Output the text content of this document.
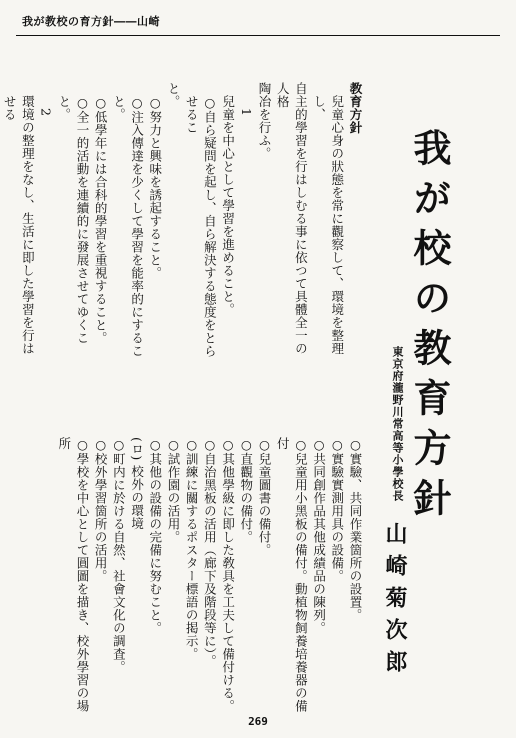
我が教校の育方針――山崎
我が校の教育方針
東京府瀧野川常高等小學校長
山崎菊次郎
教育方針
兒童心身の狀態を常に觀察して、環境を整理し、
自主的學習を行はしむる事に依つて具體全一の人格
陶冶を行ふ。
1
兒童を中心として學習を進めること。
○自ら疑問を起し、自ら解決する態度をとらせるこ
と。
○努力と興味を誘起すること。
○注入傳達を少くして學習を能率的にすること。
○低學年には合科的學習を重視すること。
○全一的活動を連續的に發展させてゆくこと。
2
環境の整理をなし、生活に即した學習を行はせる
○實驗、共同作業箇所の設置。
○實驗實測用具の設備。
○共同創作品其他成績品の陳列。
○兒童用小黑板の備付。動植物飼養培養器の備付
○兒童圖書の備付。
○直觀物の備付。
○其他學級に即した敎具を工夫して備付ける。
○自治黑板の活用（廊下及階段等に）。
○訓練に關するポスター標語の掲示。
○試作園の活用。
○其他の設備の完備に努むこと。
(ロ) 校外の環境
○町内に於ける自然、社會文化の調査。
○校外學習箇所の活用。
○學校を中心として圓圖を描き、校外學習の場所
269
